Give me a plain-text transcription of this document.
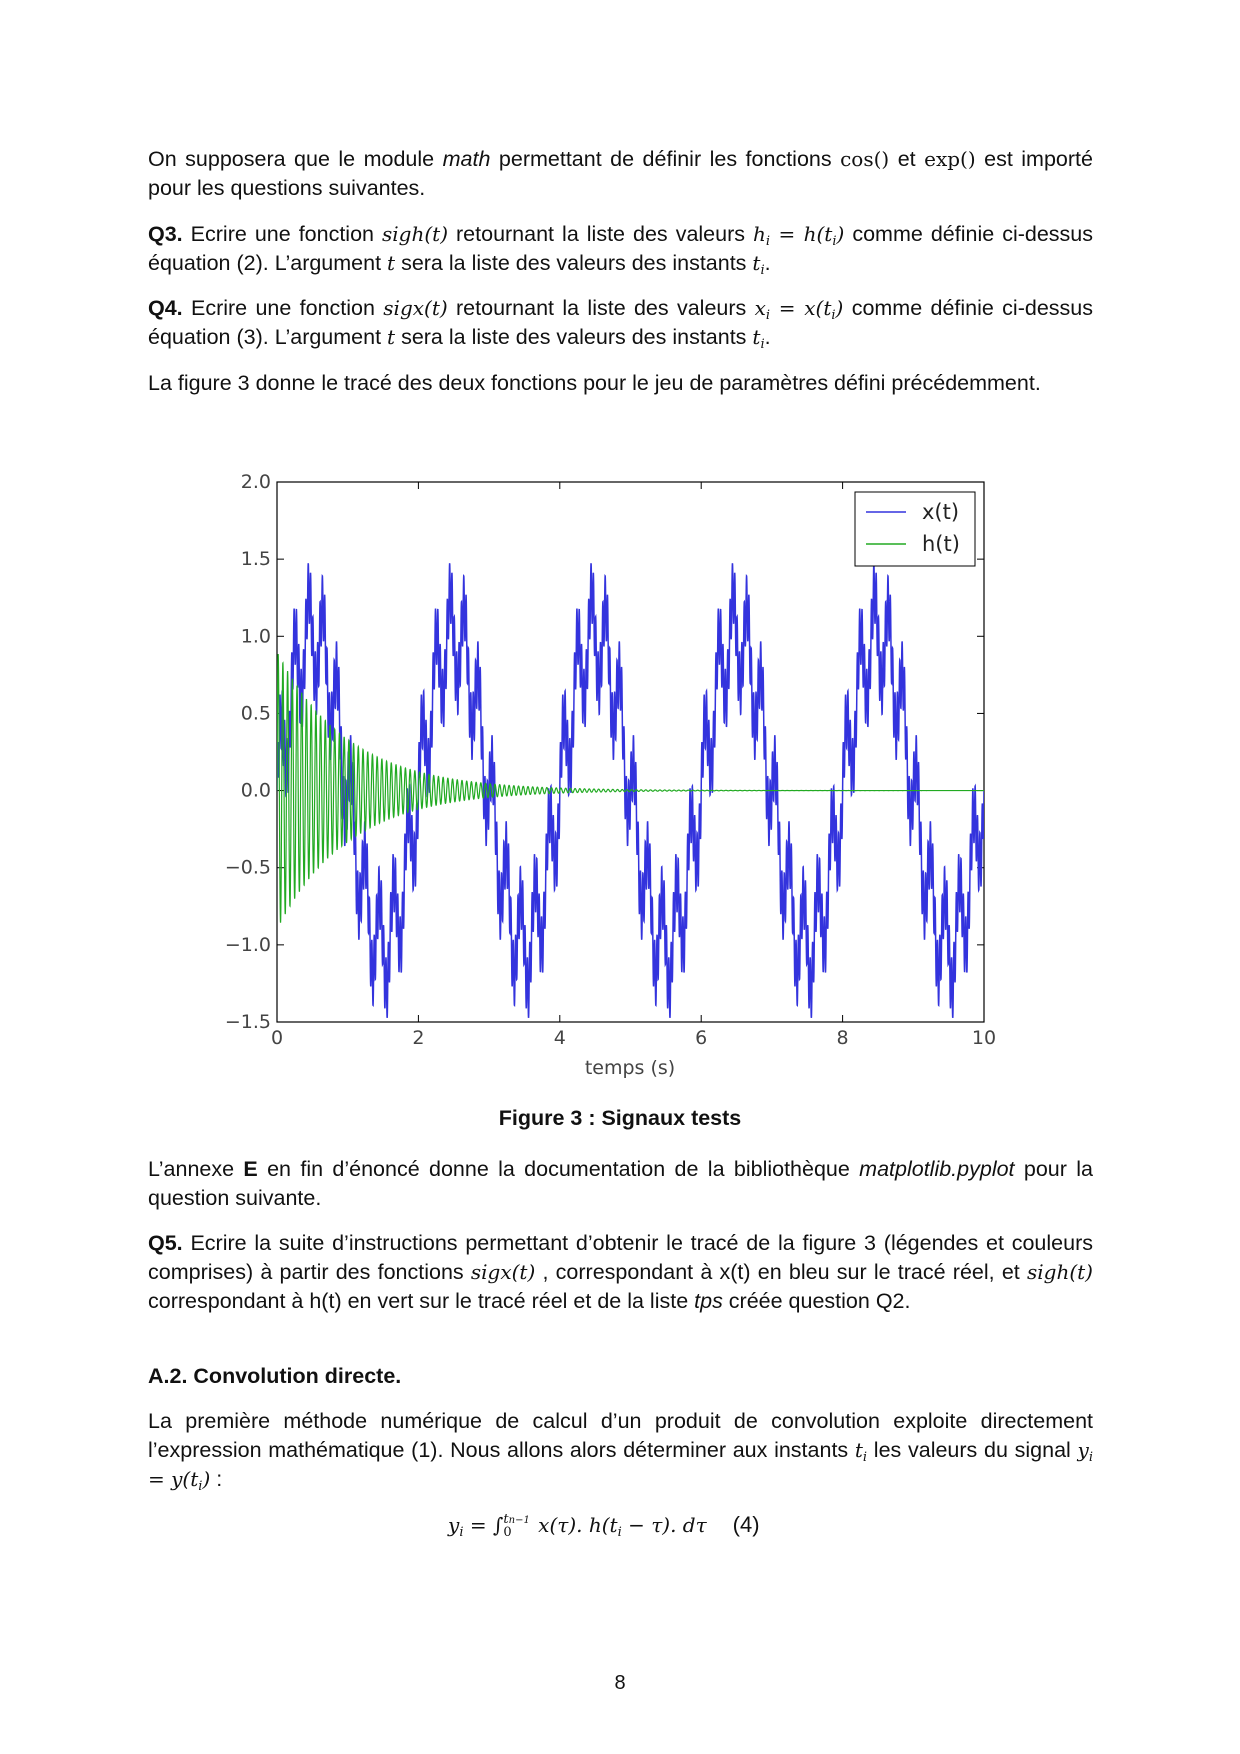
On supposera que le module math permettant de définir les fonctions cos() et exp() est importé pour les questions suivantes.

Q3. Ecrire une fonction sigh(t) retournant la liste des valeurs $h_i = h(t_i)$ comme définie ci-dessus équation (2). L’argument t sera la liste des valeurs des instants $t_i$.

Q4. Ecrire une fonction sigx(t) retournant la liste des valeurs $x_i = x(t_i)$ comme définie ci-dessus équation (3). L’argument t sera la liste des valeurs des instants $t_i$.

La figure 3 donne le tracé des deux fonctions pour le jeu de paramètres défini précédemment.

2.0
1.5
1.0
0.5
0.0
−0.5
−1.0
−1.5
0	2	4	6	8	10
temps (s)
x(t)
h(t)
Figure 3 : Signaux tests

L’annexe E en fin d’énoncé donne la documentation de la bibliothèque matplotlib.pyplot pour la question suivante.

Q5. Ecrire la suite d’instructions permettant d’obtenir le tracé de la figure 3 (légendes et couleurs comprises) à partir des fonctions sigx(t) , correspondant à x(t) en bleu sur le tracé réel, et sigh(t) correspondant à h(t) en vert sur le tracé réel et de la liste tps créée question Q2.

A.2. Convolution directe.

La première méthode numérique de calcul d’un produit de convolution exploite directement l’expression mathématique (1). Nous allons alors déterminer aux instants $t_i$ les valeurs du signal $y_i = y(t_i)$ :

$y_i$ = ∫ tn−1
0	x(τ). $h(t_i - \tau)$. dτ (4)
8
